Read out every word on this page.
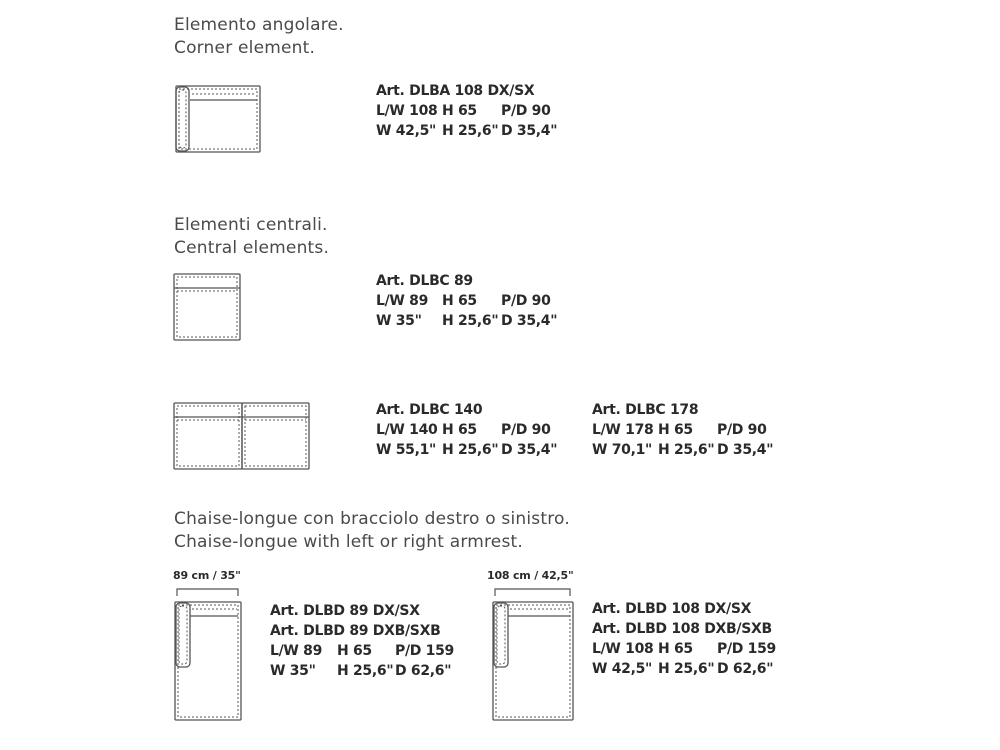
Elemento angolare.
Corner element.
Art. DLBA 108 DX/SX
L/W 108 H 65 P/D 90
W 42,5" H 25,6" D 35,4"
Elementi centrali.
Central elements.
Art. DLBC 89
L/W 89 H 65 P/D 90
W 35" H 25,6" D 35,4"
Art. DLBC 140
L/W 140 H 65 P/D 90
W 55,1" H 25,6" D 35,4"
Art. DLBC 178
L/W 178 H 65 P/D 90
W 70,1" H 25,6" D 35,4"
Chaise-longue con bracciolo destro o sinistro.
Chaise-longue with left or right armrest.
89 cm / 35"
Art. DLBD 89 DX/SX
Art. DLBD 89 DXB/SXB
L/W 89 H 65 P/D 159
W 35" H 25,6" D 62,6"
108 cm / 42,5"
Art. DLBD 108 DX/SX
Art. DLBD 108 DXB/SXB
L/W 108 H 65 P/D 159
W 42,5" H 25,6" D 62,6"
